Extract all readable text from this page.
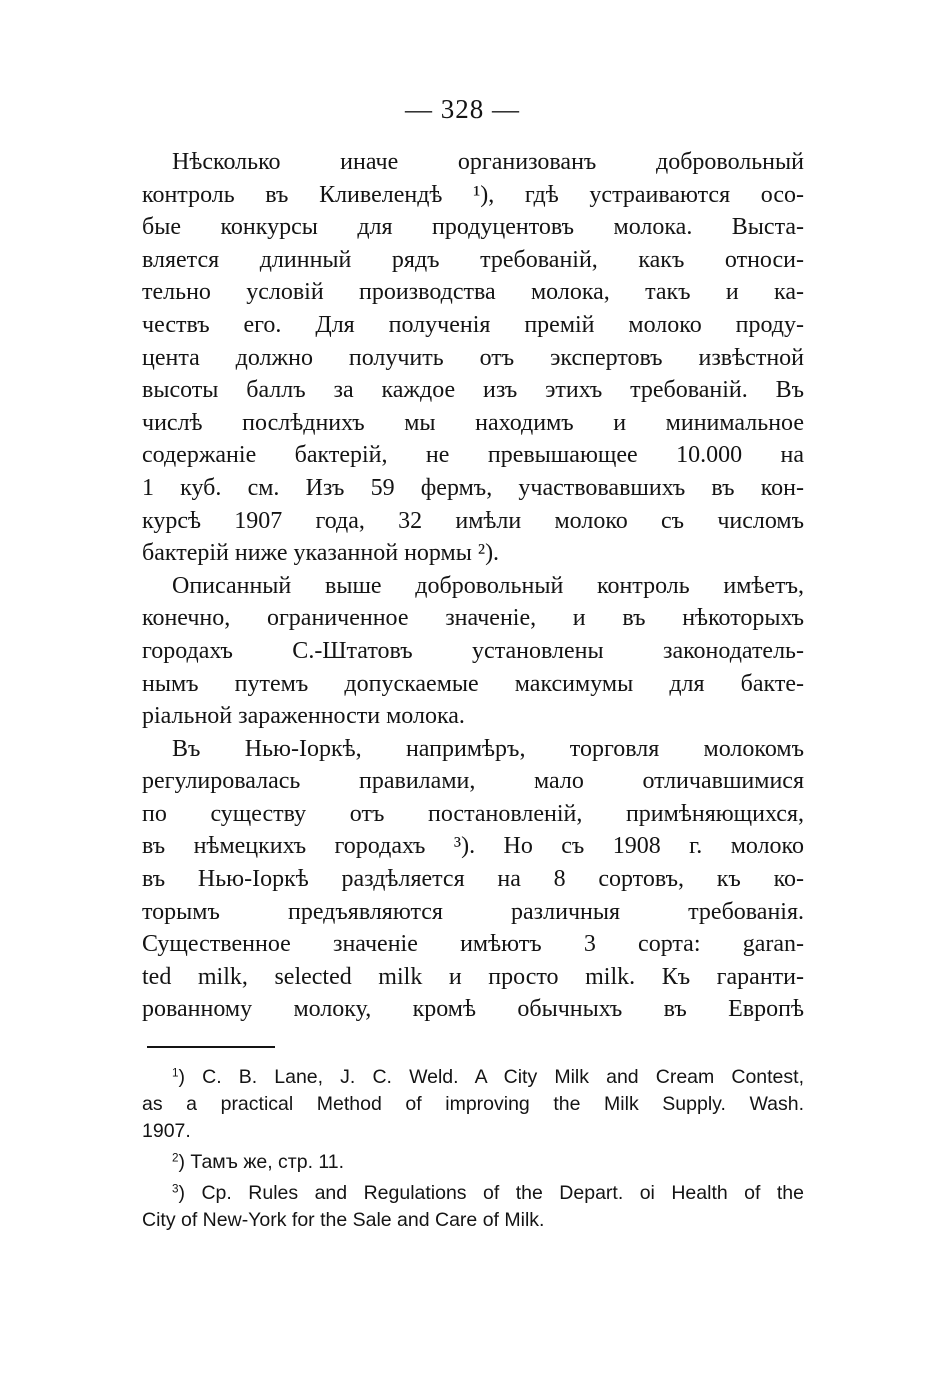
— 328 —
Нѣсколько иначе организованъ добровольный
контроль въ Кливелендѣ ¹), гдѣ устраиваются осо-
бые конкурсы для продуцентовъ молока. Выста-
вляется длинный рядъ требованій, какъ относи-
тельно условій производства молока, такъ и ка-
чествъ его. Для полученія премій молоко проду-
цента должно получить отъ экспертовъ извѣстной
высоты баллъ за каждое изъ этихъ требованій. Въ
числѣ послѣднихъ мы находимъ и минимальное
содержаніе бактерій, не превышающее 10.000 на
1 куб. см. Изъ 59 фермъ, участвовавшихъ въ кон-
курсѣ 1907 года, 32 имѣли молоко съ числомъ
бактерій ниже указанной нормы ²).
Описанный выше добровольный контроль имѣетъ,
конечно, ограниченное значеніе, и въ нѣкоторыхъ
городахъ С.-Штатовъ установлены законодатель-
нымъ путемъ допускаемые максимумы для бакте-
ріальной зараженности молока.
Въ Нью-Іоркѣ, напримѣръ, торговля молокомъ
регулировалась правилами, мало отличавшимися
по существу отъ постановленій, примѣняющихся,
въ нѣмецкихъ городахъ ³). Но съ 1908 г. молоко
въ Нью-Іоркѣ раздѣляется на 8 сортовъ, къ ко-
торымъ предъявляются различныя требованія.
Существенное значеніе имѣютъ 3 сорта: garan-
ted milk, selected milk и просто milk. Къ гаранти-
рованному молоку, кромѣ обычныхъ въ Европѣ
$^1$) C. B. Lane, J. C. Weld. A City Milk and Cream Contest,
as a practical Method of improving the Milk Supply. Wash.
1907.
$^2$) Тамъ же, стр. 11.
$^3$) Cp. Rules and Regulations of the Depart. oi Health of the
City of New-York for the Sale and Care of Milk.
